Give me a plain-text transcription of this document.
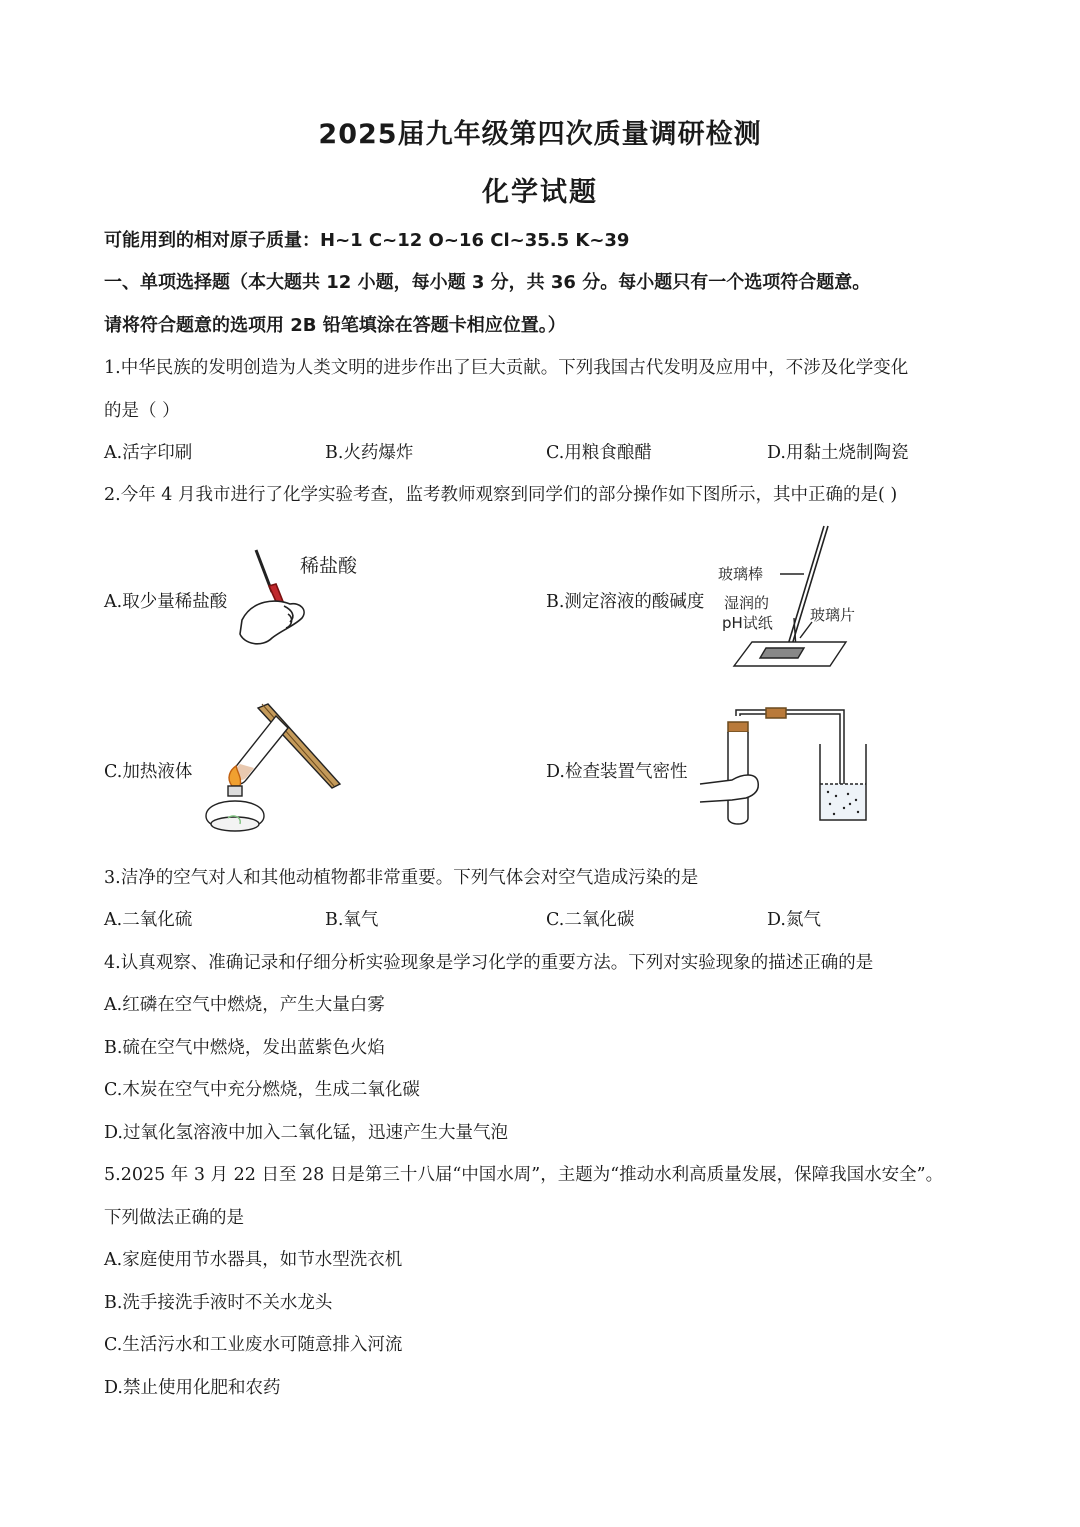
2025届九年级第四次质量调研检测
化学试题
可能用到的相对原子质量：H~1 C~12 O~16 Cl~35.5 K~39
一、单项选择题（本大题共 12 小题，每小题 3 分，共 36 分。每小题只有一个选项符合题意。
请将符合题意的选项用 2B 铅笔填涂在答题卡相应位置。）
1.中华民族的发明创造为人类文明的进步作出了巨大贡献。下列我国古代发明及应用中，不涉及化学变化
的是（ ）
A.活字印刷	B.火药爆炸	C.用粮食酿醋	D.用黏土烧制陶瓷
2.今年 4 月我市进行了化学实验考查，监考教师观察到同学们的部分操作如下图所示，其中正确的是( )
A.取少量稀盐酸	B.测定溶液的酸碱度
C.加热液体	D.检查装置气密性
稀盐酸	玻璃棒
湿润的
pH试纸 玻璃片
3.洁净的空气对人和其他动植物都非常重要。下列气体会对空气造成污染的是
A.二氧化硫	B.氧气	C.二氧化碳	D.氮气
4.认真观察、准确记录和仔细分析实验现象是学习化学的重要方法。下列对实验现象的描述正确的是
A.红磷在空气中燃烧，产生大量白雾
B.硫在空气中燃烧，发出蓝紫色火焰
C.木炭在空气中充分燃烧，生成二氧化碳
D.过氧化氢溶液中加入二氧化锰，迅速产生大量气泡
5.2025 年 3 月 22 日至 28 日是第三十八届“中国水周”，主题为“推动水利高质量发展，保障我国水安全”。
下列做法正确的是
A.家庭使用节水器具，如节水型洗衣机
B.洗手接洗手液时不关水龙头
C.生活污水和工业废水可随意排入河流
D.禁止使用化肥和农药
